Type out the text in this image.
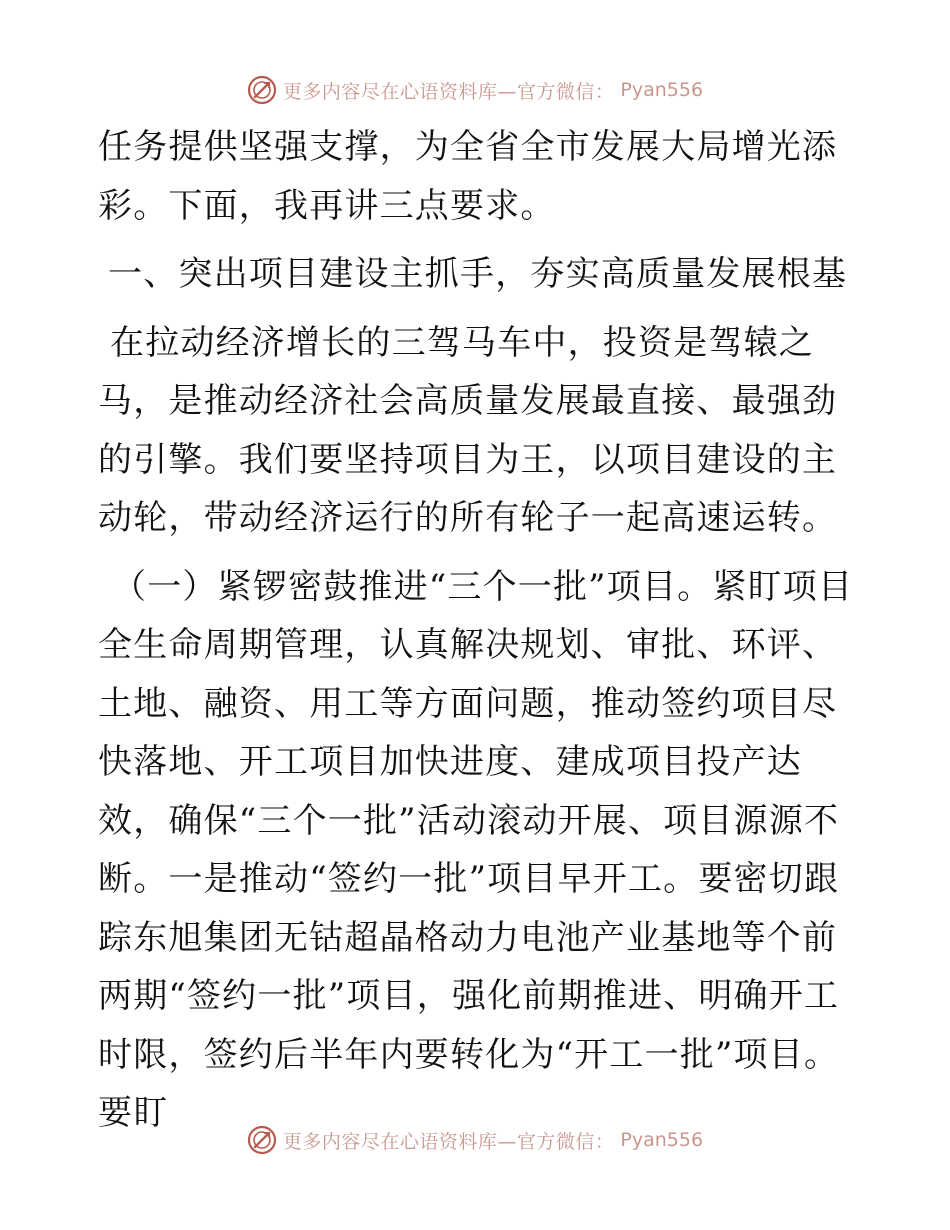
更多内容尽在心语资料库—官方微信： Pyan556

任务提供坚强支撑，为全省全市发展大局增光添彩。下面，我再讲三点要求。

一、突出项目建设主抓手，夯实高质量发展根基

在拉动经济增长的三驾马车中，投资是驾辕之马，是推动经济社会高质量发展最直接、最强劲的引擎。我们要坚持项目为王，以项目建设的主动轮，带动经济运行的所有轮子一起高速运转。

（一）紧锣密鼓推进“三个一批”项目。紧盯项目全生命周期管理，认真解决规划、审批、环评、土地、融资、用工等方面问题，推动签约项目尽快落地、开工项目加快进度、建成项目投产达效，确保“三个一批”活动滚动开展、项目源源不断。一是推动“签约一批”项目早开工。要密切跟踪东旭集团无钴超晶格动力电池产业基地等个前两期“签约一批”项目，强化前期推进、明确开工时限，签约后半年内要转化为“开工一批”项目。要盯

更多内容尽在心语资料库—官方微信： Pyan556
